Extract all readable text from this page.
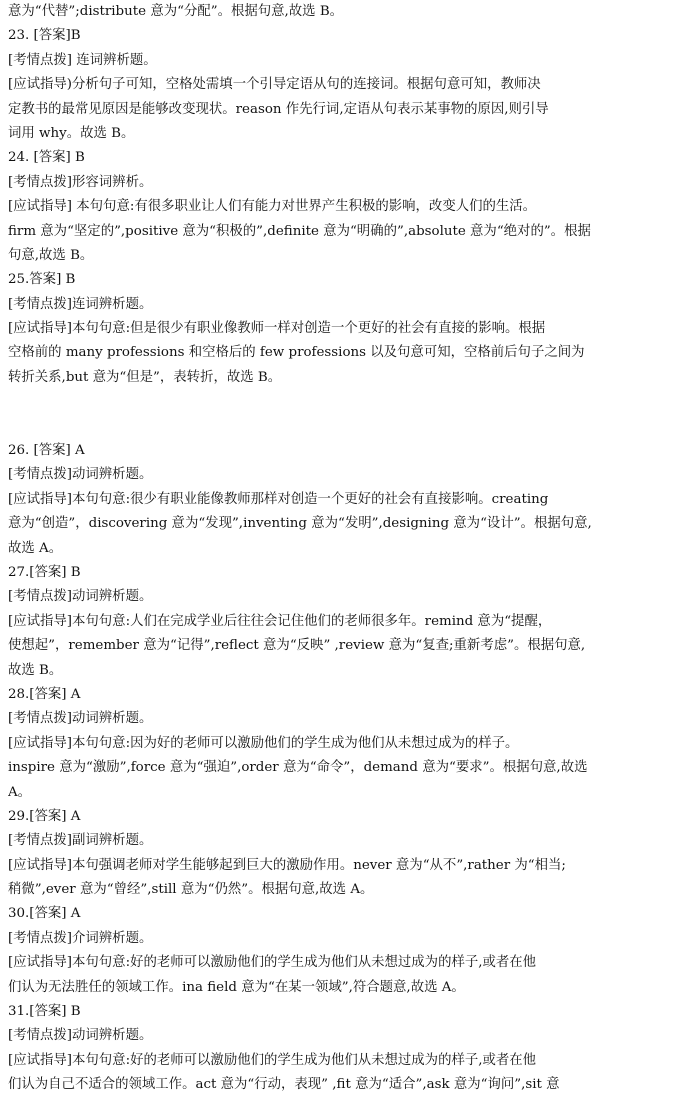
意为“代替”;distribute 意为“分配”。根据句意,故选 B。
23. [答案]B
[考情点拨] 连词辨析题。
[应试指导)分析句子可知，空格处需填一个引导定语从句的连接词。根据句意可知，教师决
定教书的最常见原因是能够改变现状。reason 作先行词,定语从句表示某事物的原因,则引导
词用 why。故选 B。
24. [答案] B
[考情点拨]形容词辨析。
[应试指导] 本句句意:有很多职业让人们有能力对世界产生积极的影响，改变人们的生活。
firm 意为“坚定的”,positive 意为“积极的”,definite 意为“明确的”,absolute 意为“绝对的”。根据
句意,故选 B。
25.答案] B
[考情点拨]连词辨析题。
[应试指导]本句句意:但是很少有职业像教师一样对创造一个更好的社会有直接的影响。根据
空格前的 many professions 和空格后的 few professions 以及句意可知，空格前后句子之间为
转折关系,but 意为“但是”，表转折，故选 B。
26. [答案] A
[考情点拨]动词辨析题。
[应试指导]本句句意:很少有职业能像教师那样对创造一个更好的社会有直接影响。creating
意为“创造”，discovering 意为“发现”,inventing 意为“发明”,designing 意为“设计”。根据句意,
故选 A。
27.[答案] B
[考情点拨]动词辨析题。
[应试指导]本句句意:人们在完成学业后往往会记住他们的老师很多年。remind 意为“提醒，
使想起”，remember 意为“记得”,reflect 意为“反映” ,review 意为“复查;重新考虑”。根据句意,
故选 B。
28.[答案] A
[考情点拨]动词辨析题。
[应试指导]本句句意:因为好的老师可以激励他们的学生成为他们从未想过成为的样子。
inspire 意为“激励”,force 意为“强迫”,order 意为“命令”，demand 意为“要求”。根据句意,故选
A。
29.[答案] A
[考情点拨]副词辨析题。
[应试指导]本句强调老师对学生能够起到巨大的激励作用。never 意为“从不”,rather 为“相当;
稍微”,ever 意为“曾经”,still 意为“仍然”。根据句意,故选 A。
30.[答案] A
[考情点拨]介词辨析题。
[应试指导]本句句意:好的老师可以激励他们的学生成为他们从未想过成为的样子,或者在他
们认为无法胜任的领域工作。ina field 意为“在某一领域”,符合题意,故选 A。
31.[答案] B
[考情点拨]动词辨析题。
[应试指导]本句句意:好的老师可以激励他们的学生成为他们从未想过成为的样子,或者在他
们认为自己不适合的领域工作。act 意为“行动，表现” ,fit 意为“适合”,ask 意为“询问”,sit 意
